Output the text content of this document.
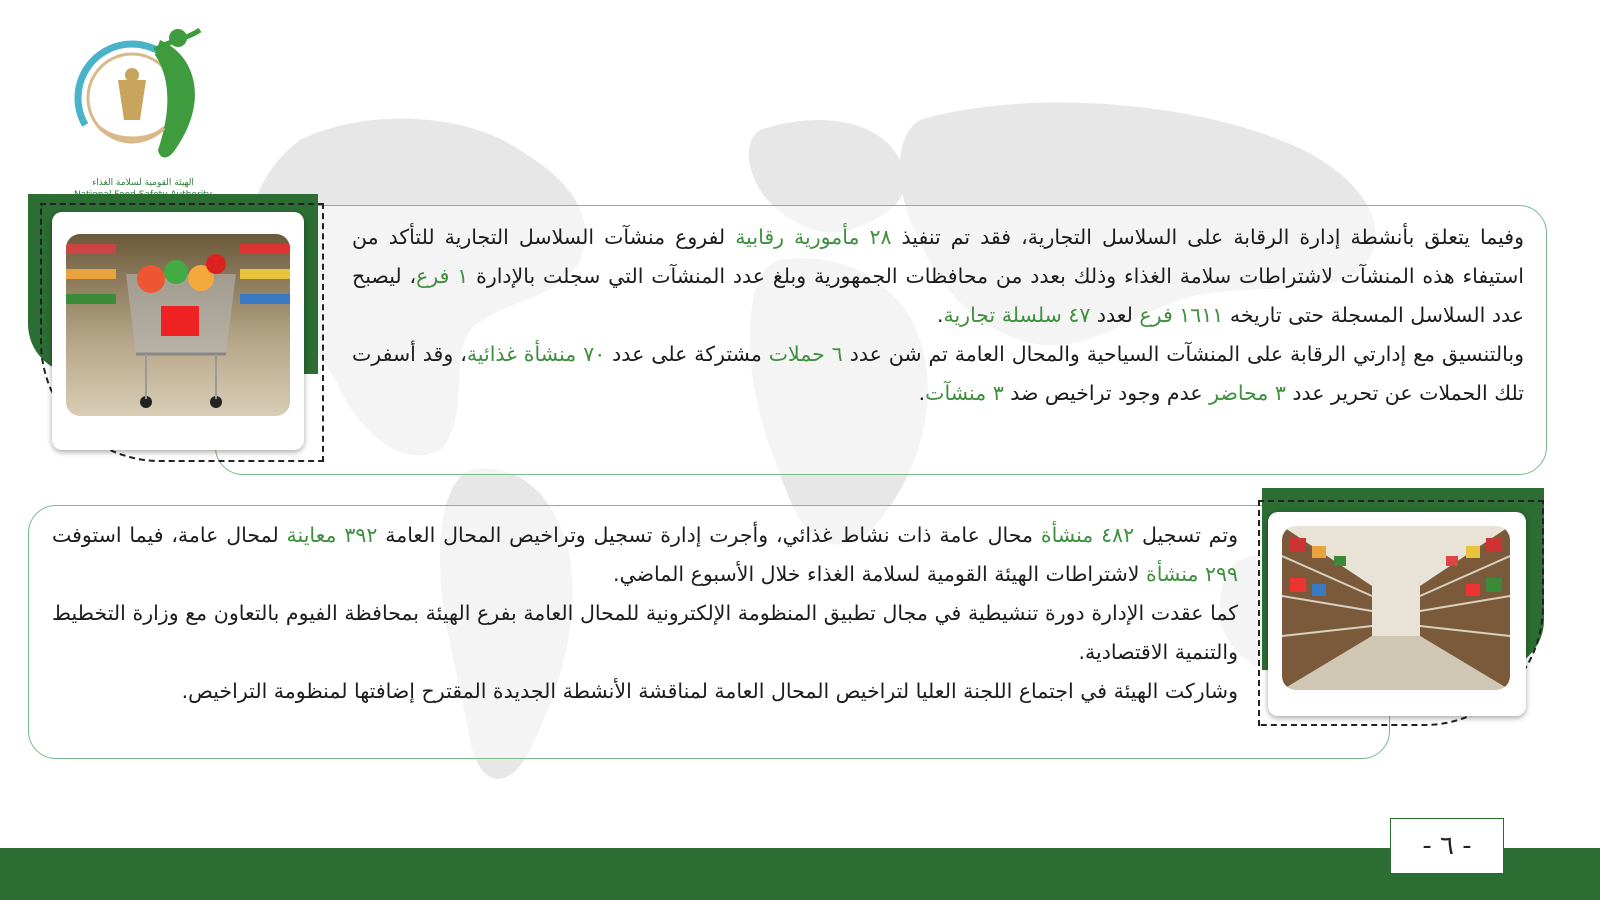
NFSA
الهيئة القومية لسلامة الغذاء

وفيما يتعلق بأنشطة إدارة الرقابة على السلاسل التجارية، فقد تم تنفيذ ٢٨ مأمورية رقابية لفروع منشآت السلاسل التجارية للتأكد من استيفاء هذه المنشآت لاشتراطات سلامة الغذاء وذلك بعدد من محافظات الجمهورية وبلغ عدد المنشآت التي سجلت بالإدارة ١ فرع، ليصبح عدد السلاسل المسجلة حتى تاريخه ١٦١١ فرع لعدد ٤٧ سلسلة تجارية.

وبالتنسيق مع إدارتي الرقابة على المنشآت السياحية والمحال العامة تم شن عدد ٦ حملات مشتركة على عدد ٧٠ منشأة غذائية، وقد أسفرت تلك الحملات عن تحرير عدد ٣ محاضر عدم وجود تراخيص ضد ٣ منشآت.

وتم تسجيل ٤٨٢ منشأة محال عامة ذات نشاط غذائي، وأجرت إدارة تسجيل وتراخيص المحال العامة ٣٩٢ معاينة لمحال عامة، فيما استوفت ٢٩٩ منشأة لاشتراطات الهيئة القومية لسلامة الغذاء خلال الأسبوع الماضي.

كما عقدت الإدارة دورة تنشيطية في مجال تطبيق المنظومة الإلكترونية للمحال العامة بفرع الهيئة بمحافظة الفيوم بالتعاون مع وزارة التخطيط والتنمية الاقتصادية.

وشاركت الهيئة في اجتماع اللجنة العليا لتراخيص المحال العامة لمناقشة الأنشطة الجديدة المقترح إضافتها لمنظومة التراخيص.

- ٦ -
